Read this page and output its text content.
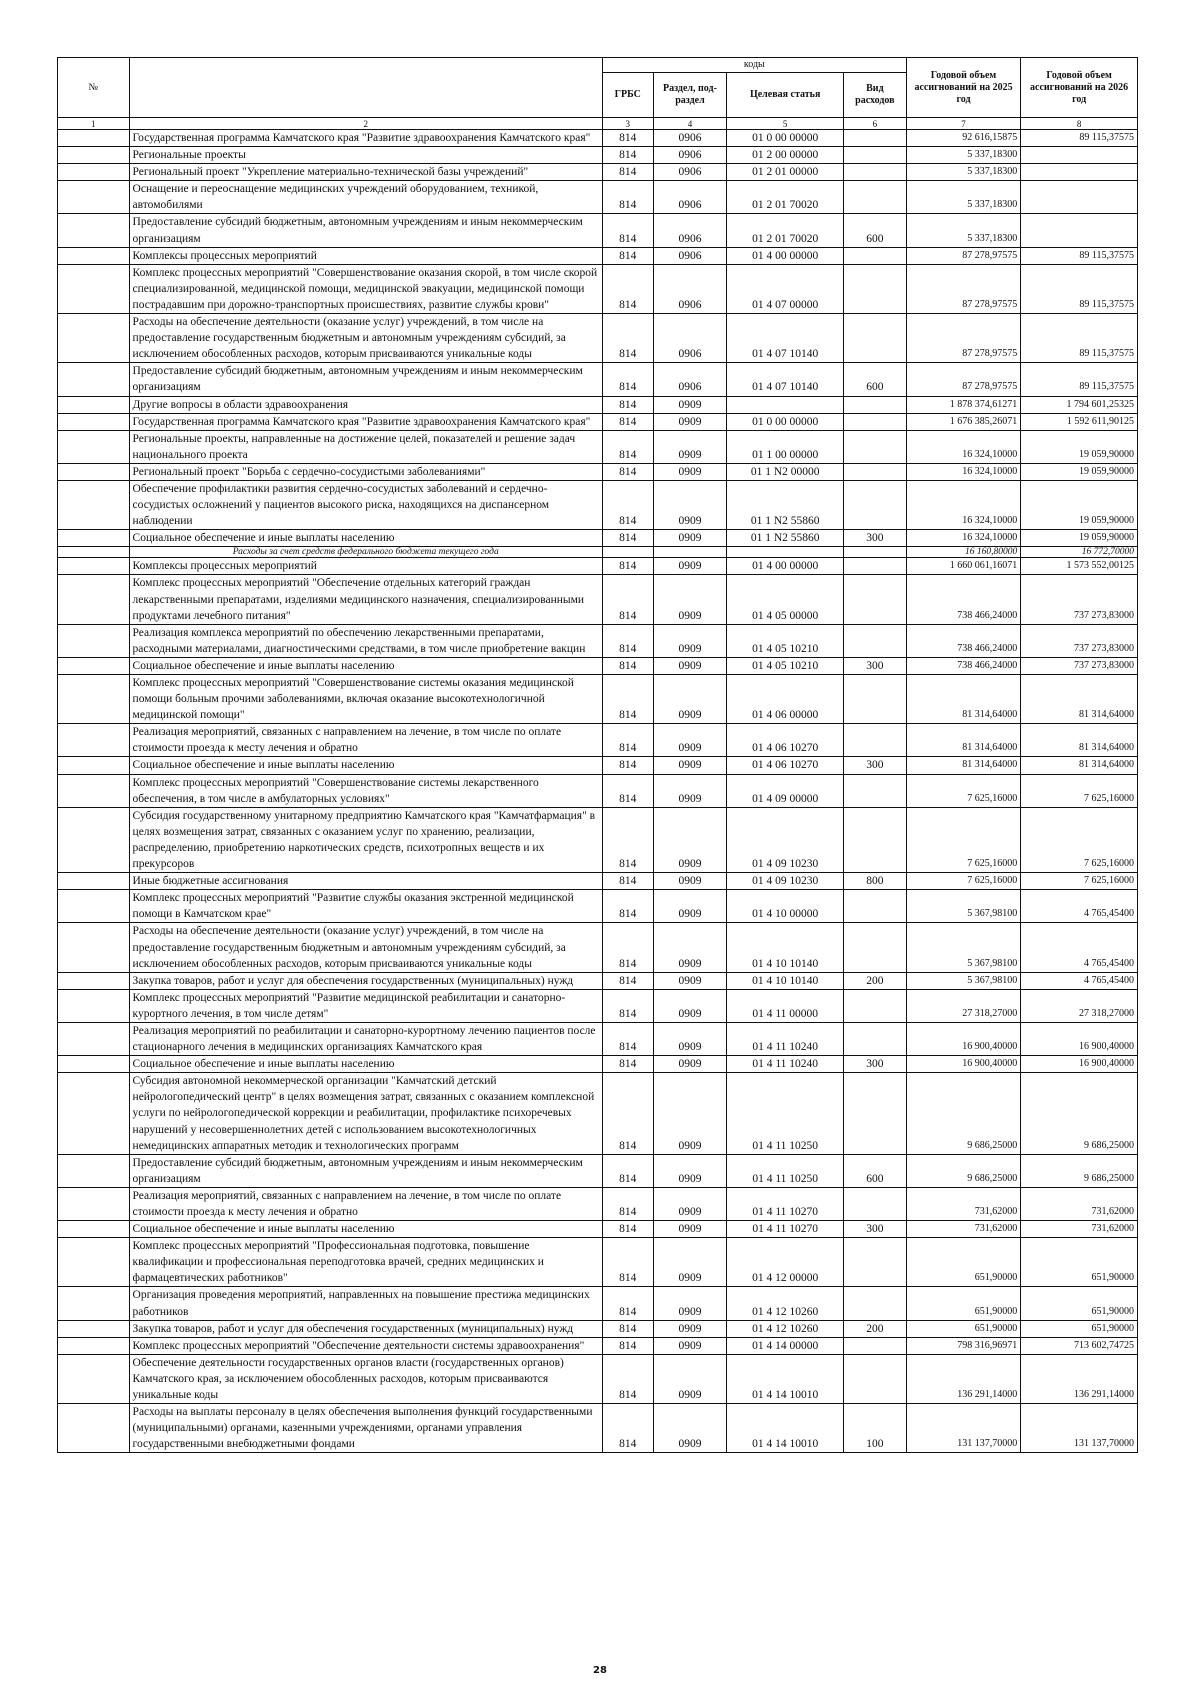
№		коды				Годовой объем ассигнований на 2025 год	Годовой объем ассигнований на 2026 год
		ГРБС	Раздел, под-раздел	Целевая статья	Вид расходов		
1	2	3	4	5	6	7	8
	Государственная программа Камчатского края "Развитие здравоохранения Камчатского края"	814	0906	01 0 00 00000		92 616,15875	89 115,37575
	Региональные проекты	814	0906	01 2 00 00000		5 337,18300	
	Региональный проект "Укрепление материально-технической базы учреждений"	814	0906	01 2 01 00000		5 337,18300	
	Оснащение и переоснащение медицинских учреждений оборудованием, техникой, автомобилями	814	0906	01 2 01 70020		5 337,18300	
	Предоставление субсидий бюджетным, автономным учреждениям и иным некоммерческим организациям	814	0906	01 2 01 70020	600	5 337,18300	
	Комплексы процессных мероприятий	814	0906	01 4 00 00000		87 278,97575	89 115,37575
	Комплекс процессных мероприятий "Совершенствование оказания скорой, в том числе скорой специализированной, медицинской помощи, медицинской эвакуации, медицинской помощи пострадавшим при дорожно-транспортных происшествиях, развитие службы крови"	814	0906	01 4 07 00000		87 278,97575	89 115,37575
	Расходы на обеспечение деятельности (оказание услуг) учреждений, в том числе на предоставление государственным бюджетным и автономным учреждениям субсидий, за исключением обособленных расходов, которым присваиваются уникальные коды	814	0906	01 4 07 10140		87 278,97575	89 115,37575
	Предоставление субсидий бюджетным, автономным учреждениям и иным некоммерческим организациям	814	0906	01 4 07 10140	600	87 278,97575	89 115,37575
	Другие вопросы в области здравоохранения	814	0909			1 878 374,61271	1 794 601,25325
	Государственная программа Камчатского края "Развитие здравоохранения Камчатского края"	814	0909	01 0 00 00000		1 676 385,26071	1 592 611,90125
	Региональные проекты, направленные на достижение целей, показателей и решение задач национального проекта	814	0909	01 1 00 00000		16 324,10000	19 059,90000
	Региональный проект "Борьба с сердечно-сосудистыми заболеваниями"	814	0909	01 1 N2 00000		16 324,10000	19 059,90000
	Обеспечение профилактики развития сердечно-сосудистых заболеваний и сердечно-сосудистых осложнений у пациентов высокого риска, находящихся на диспансерном наблюдении	814	0909	01 1 N2 55860		16 324,10000	19 059,90000
	Социальное обеспечение и иные выплаты населению	814	0909	01 1 N2 55860	300	16 324,10000	19 059,90000
	Расходы за счет средств федерального бюджета текущего года					16 160,80000	16 772,70000
	Комплексы процессных мероприятий	814	0909	01 4 00 00000		1 660 061,16071	1 573 552,00125
	Комплекс процессных мероприятий "Обеспечение отдельных категорий граждан лекарственными препаратами, изделиями медицинского назначения, специализированными продуктами лечебного питания"	814	0909	01 4 05 00000		738 466,24000	737 273,83000
	Реализация комплекса мероприятий по обеспечению лекарственными препаратами, расходными материалами, диагностическими средствами, в том числе приобретение вакцин	814	0909	01 4 05 10210		738 466,24000	737 273,83000
	Социальное обеспечение и иные выплаты населению	814	0909	01 4 05 10210	300	738 466,24000	737 273,83000
	Комплекс процессных мероприятий "Совершенствование системы оказания медицинской помощи больным прочими заболеваниями, включая оказание высокотехнологичной медицинской помощи"	814	0909	01 4 06 00000		81 314,64000	81 314,64000
	Реализация мероприятий, связанных с направлением на лечение, в том числе по оплате стоимости проезда к месту лечения и обратно	814	0909	01 4 06 10270		81 314,64000	81 314,64000
	Социальное обеспечение и иные выплаты населению	814	0909	01 4 06 10270	300	81 314,64000	81 314,64000
	Комплекс процессных мероприятий "Совершенствование системы лекарственного обеспечения, в том числе в амбулаторных условиях"	814	0909	01 4 09 00000		7 625,16000	7 625,16000
	Субсидия государственному унитарному предприятию Камчатского края "Камчатфармация" в целях возмещения затрат, связанных с оказанием услуг по хранению, реализации, распределению, приобретению наркотических средств, психотропных веществ и их прекурсоров	814	0909	01 4 09 10230		7 625,16000	7 625,16000
	Иные бюджетные ассигнования	814	0909	01 4 09 10230	800	7 625,16000	7 625,16000
	Комплекс процессных мероприятий "Развитие службы оказания экстренной медицинской помощи в Камчатском крае"	814	0909	01 4 10 00000		5 367,98100	4 765,45400
	Расходы на обеспечение деятельности (оказание услуг) учреждений, в том числе на предоставление государственным бюджетным и автономным учреждениям субсидий, за исключением обособленных расходов, которым присваиваются уникальные коды	814	0909	01 4 10 10140		5 367,98100	4 765,45400
	Закупка товаров, работ и услуг для обеспечения государственных (муниципальных) нужд	814	0909	01 4 10 10140	200	5 367,98100	4 765,45400
	Комплекс процессных мероприятий "Развитие медицинской реабилитации и санаторно-курортного лечения, в том числе детям"	814	0909	01 4 11 00000		27 318,27000	27 318,27000
	Реализация мероприятий по реабилитации и санаторно-курортному лечению пациентов после стационарного лечения в медицинских организациях Камчатского края	814	0909	01 4 11 10240		16 900,40000	16 900,40000
	Социальное обеспечение и иные выплаты населению	814	0909	01 4 11 10240	300	16 900,40000	16 900,40000
	Субсидия автономной некоммерческой организации "Камчатский детский нейрологопедический центр" в целях возмещения затрат, связанных с оказанием комплексной услуги по нейрологопедической коррекции и реабилитации, профилактике психоречевых нарушений у несовершеннолетних детей с использованием высокотехнологичных немедицинских аппаратных методик и технологических программ	814	0909	01 4 11 10250		9 686,25000	9 686,25000
	Предоставление субсидий бюджетным, автономным учреждениям и иным некоммерческим организациям	814	0909	01 4 11 10250	600	9 686,25000	9 686,25000
	Реализация мероприятий, связанных с направлением на лечение, в том числе по оплате стоимости проезда к месту лечения и обратно	814	0909	01 4 11 10270		731,62000	731,62000
	Социальное обеспечение и иные выплаты населению	814	0909	01 4 11 10270	300	731,62000	731,62000
	Комплекс процессных мероприятий "Профессиональная подготовка, повышение квалификации и профессиональная переподготовка врачей, средних медицинских и фармацевтических работников"	814	0909	01 4 12 00000		651,90000	651,90000
	Организация проведения мероприятий, направленных на повышение престижа медицинских работников	814	0909	01 4 12 10260		651,90000	651,90000
	Закупка товаров, работ и услуг для обеспечения государственных (муниципальных) нужд	814	0909	01 4 12 10260	200	651,90000	651,90000
	Комплекс процессных мероприятий "Обеспечение деятельности системы здравоохранения"	814	0909	01 4 14 00000		798 316,96971	713 602,74725
	Обеспечение деятельности государственных органов власти (государственных органов) Камчатского края, за исключением обособленных расходов, которым присваиваются уникальные коды	814	0909	01 4 14 10010		136 291,14000	136 291,14000
	Расходы на выплаты персоналу в целях обеспечения выполнения функций государственными (муниципальными) органами, казенными учреждениями, органами управления государственными внебюджетными фондами	814	0909	01 4 14 10010	100	131 137,70000	131 137,70000
28
